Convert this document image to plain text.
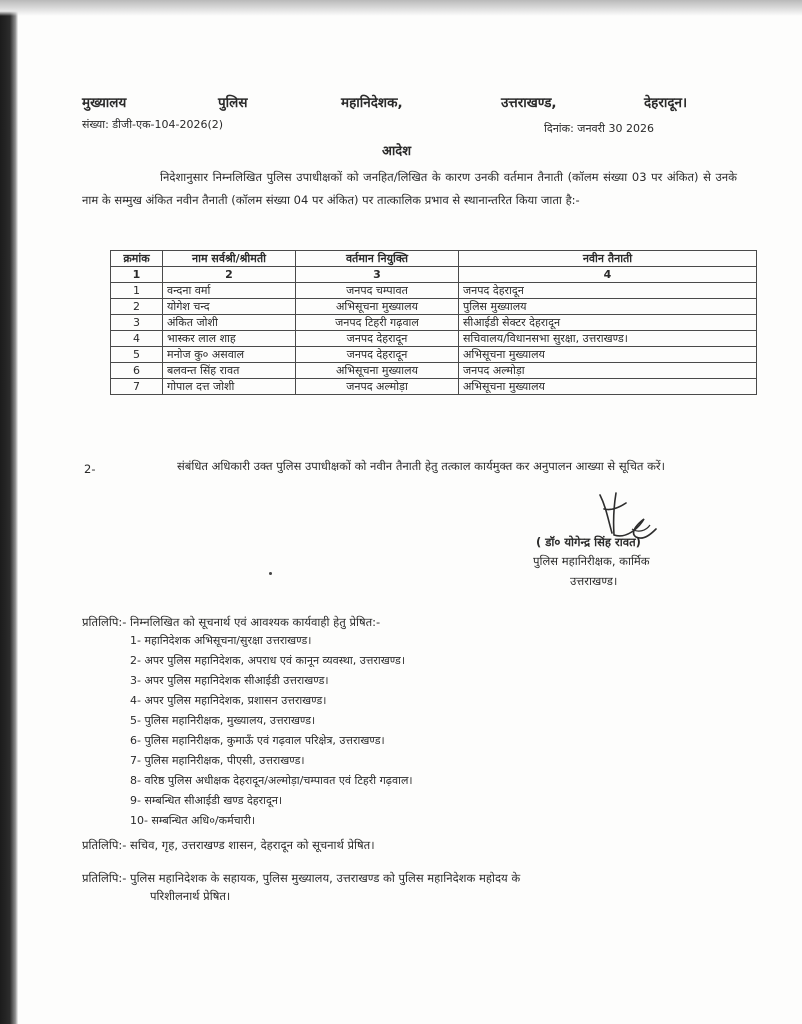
मुख्यालय	पुलिस	महानिदेशक,	उत्तराखण्ड,	देहरादून।
संख्या: डीजी-एक-104-2026(2)	दिनांक: जनवरी 30 2026
आदेश
निदेशानुसार निम्नलिखित पुलिस उपाधीक्षकों को जनहित/लिखित के कारण उनकी वर्तमान तैनाती (कॉलम संख्या 03 पर अंकित) से उनके नाम के सम्मुख अंकित नवीन तैनाती (कॉलम संख्या 04 पर अंकित) पर तात्कालिक प्रभाव से स्थानान्तरित किया जाता है:-
क्रमांक	नाम सर्वश्री/श्रीमती	वर्तमान नियुक्ति	नवीन तैनाती
1	2	3	4
1	वन्दना वर्मा	जनपद चम्पावत	जनपद देहरादून
2	योगेश चन्द	अभिसूचना मुख्यालय	पुलिस मुख्यालय
3	अंकित जोशी	जनपद टिहरी गढ़वाल	सीआईडी सेक्टर देहरादून
4	भास्कर लाल शाह	जनपद देहरादून	सचिवालय/विधानसभा सुरक्षा, उत्तराखण्ड।
5	मनोज कु० असवाल	जनपद देहरादून	अभिसूचना मुख्यालय
6	बलवन्त सिंह रावत	अभिसूचना मुख्यालय	जनपद अल्मोड़ा
7	गोपाल दत्त जोशी	जनपद अल्मोड़ा	अभिसूचना मुख्यालय
2-	संबंधित अधिकारी उक्त पुलिस उपाधीक्षकों को नवीन तैनाती हेतु तत्काल कार्यमुक्त कर अनुपालन आख्या से सूचित करें।
( डॉ० योगेन्द्र सिंह रावत)
पुलिस महानिरीक्षक, कार्मिक
उत्तराखण्ड।
प्रतिलिपि:- निम्नलिखित को सूचनार्थ एवं आवश्यक कार्यवाही हेतु प्रेषित:-
1- महानिदेशक अभिसूचना/सुरक्षा उत्तराखण्ड।
2- अपर पुलिस महानिदेशक, अपराध एवं कानून व्यवस्था, उत्तराखण्ड।
3- अपर पुलिस महानिदेशक सीआईडी उत्तराखण्ड।
4- अपर पुलिस महानिदेशक, प्रशासन उत्तराखण्ड।
5- पुलिस महानिरीक्षक, मुख्यालय, उत्तराखण्ड।
6- पुलिस महानिरीक्षक, कुमाऊँ एवं गढ़वाल परिक्षेत्र, उत्तराखण्ड।
7- पुलिस महानिरीक्षक, पीएसी, उत्तराखण्ड।
8- वरिष्ठ पुलिस अधीक्षक देहरादून/अल्मोड़ा/चम्पावत एवं टिहरी गढ़वाल।
9- सम्बन्धित सीआईडी खण्ड देहरादून।
10- सम्बन्धित अधि०/कर्मचारी।
प्रतिलिपि:- सचिव, गृह, उत्तराखण्ड शासन, देहरादून को सूचनार्थ प्रेषित।
प्रतिलिपि:- पुलिस महानिदेशक के सहायक, पुलिस मुख्यालय, उत्तराखण्ड को पुलिस महानिदेशक महोदय के
परिशीलनार्थ प्रेषित।
